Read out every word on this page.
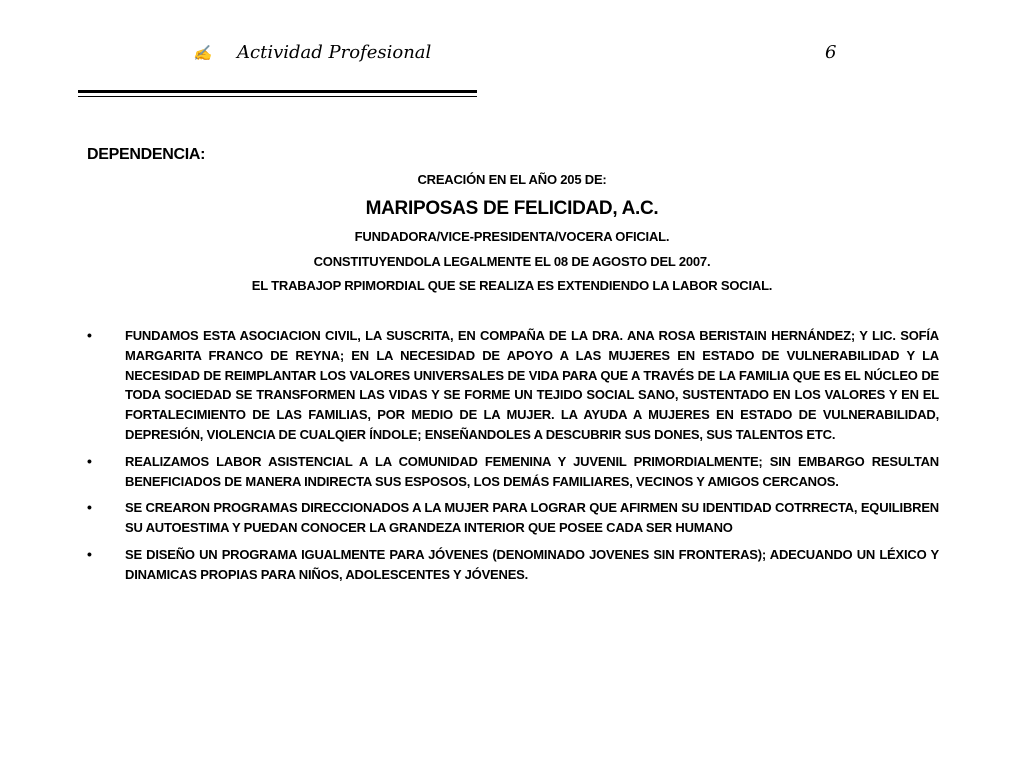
✍ Actividad Profesional	6
DEPENDENCIA:
CREACIÓN EN EL AÑO 205 DE:
MARIPOSAS DE FELICIDAD, A.C.
FUNDADORA/VICE-PRESIDENTA/VOCERA OFICIAL.
CONSTITUYENDOLA LEGALMENTE EL 08 DE AGOSTO DEL 2007.
EL TRABAJOP RPIMORDIAL QUE SE REALIZA ES EXTENDIENDO LA LABOR SOCIAL.
•	FUNDAMOS ESTA ASOCIACION CIVIL, LA SUSCRITA, EN COMPAÑA DE LA DRA. ANA ROSA BERISTAIN HERNÁNDEZ; Y LIC. SOFÍA MARGARITA FRANCO DE REYNA; EN LA NECESIDAD DE APOYO A LAS MUJERES EN ESTADO DE VULNERABILIDAD Y LA NECESIDAD DE REIMPLANTAR LOS VALORES UNIVERSALES DE VIDA PARA QUE A TRAVÉS DE LA FAMILIA QUE ES EL NÚCLEO DE TODA SOCIEDAD SE TRANSFORMEN LAS VIDAS Y SE FORME UN TEJIDO SOCIAL SANO, SUSTENTADO EN LOS VALORES Y EN EL FORTALECIMIENTO DE LAS FAMILIAS, POR MEDIO DE LA MUJER. LA AYUDA A MUJERES EN ESTADO DE VULNERABILIDAD, DEPRESIÓN, VIOLENCIA DE CUALQIER ÍNDOLE; ENSEÑANDOLES A DESCUBRIR SUS DONES, SUS TALENTOS ETC.
•	REALIZAMOS LABOR ASISTENCIAL A LA COMUNIDAD FEMENINA Y JUVENIL PRIMORDIALMENTE; SIN EMBARGO RESULTAN BENEFICIADOS DE MANERA INDIRECTA SUS ESPOSOS, LOS DEMÁS FAMILIARES, VECINOS Y AMIGOS CERCANOS.
•	SE CREARON PROGRAMAS DIRECCIONADOS A LA MUJER PARA LOGRAR QUE AFIRMEN SU IDENTIDAD COTRRECTA, EQUILIBREN SU AUTOESTIMA Y PUEDAN CONOCER LA GRANDEZA INTERIOR QUE POSEE CADA SER HUMANO
•	SE DISEÑO UN PROGRAMA IGUALMENTE PARA JÓVENES (DENOMINADO JOVENES SIN FRONTERAS); ADECUANDO UN LÉXICO Y DINAMICAS PROPIAS PARA NIÑOS, ADOLESCENTES Y JÓVENES.
